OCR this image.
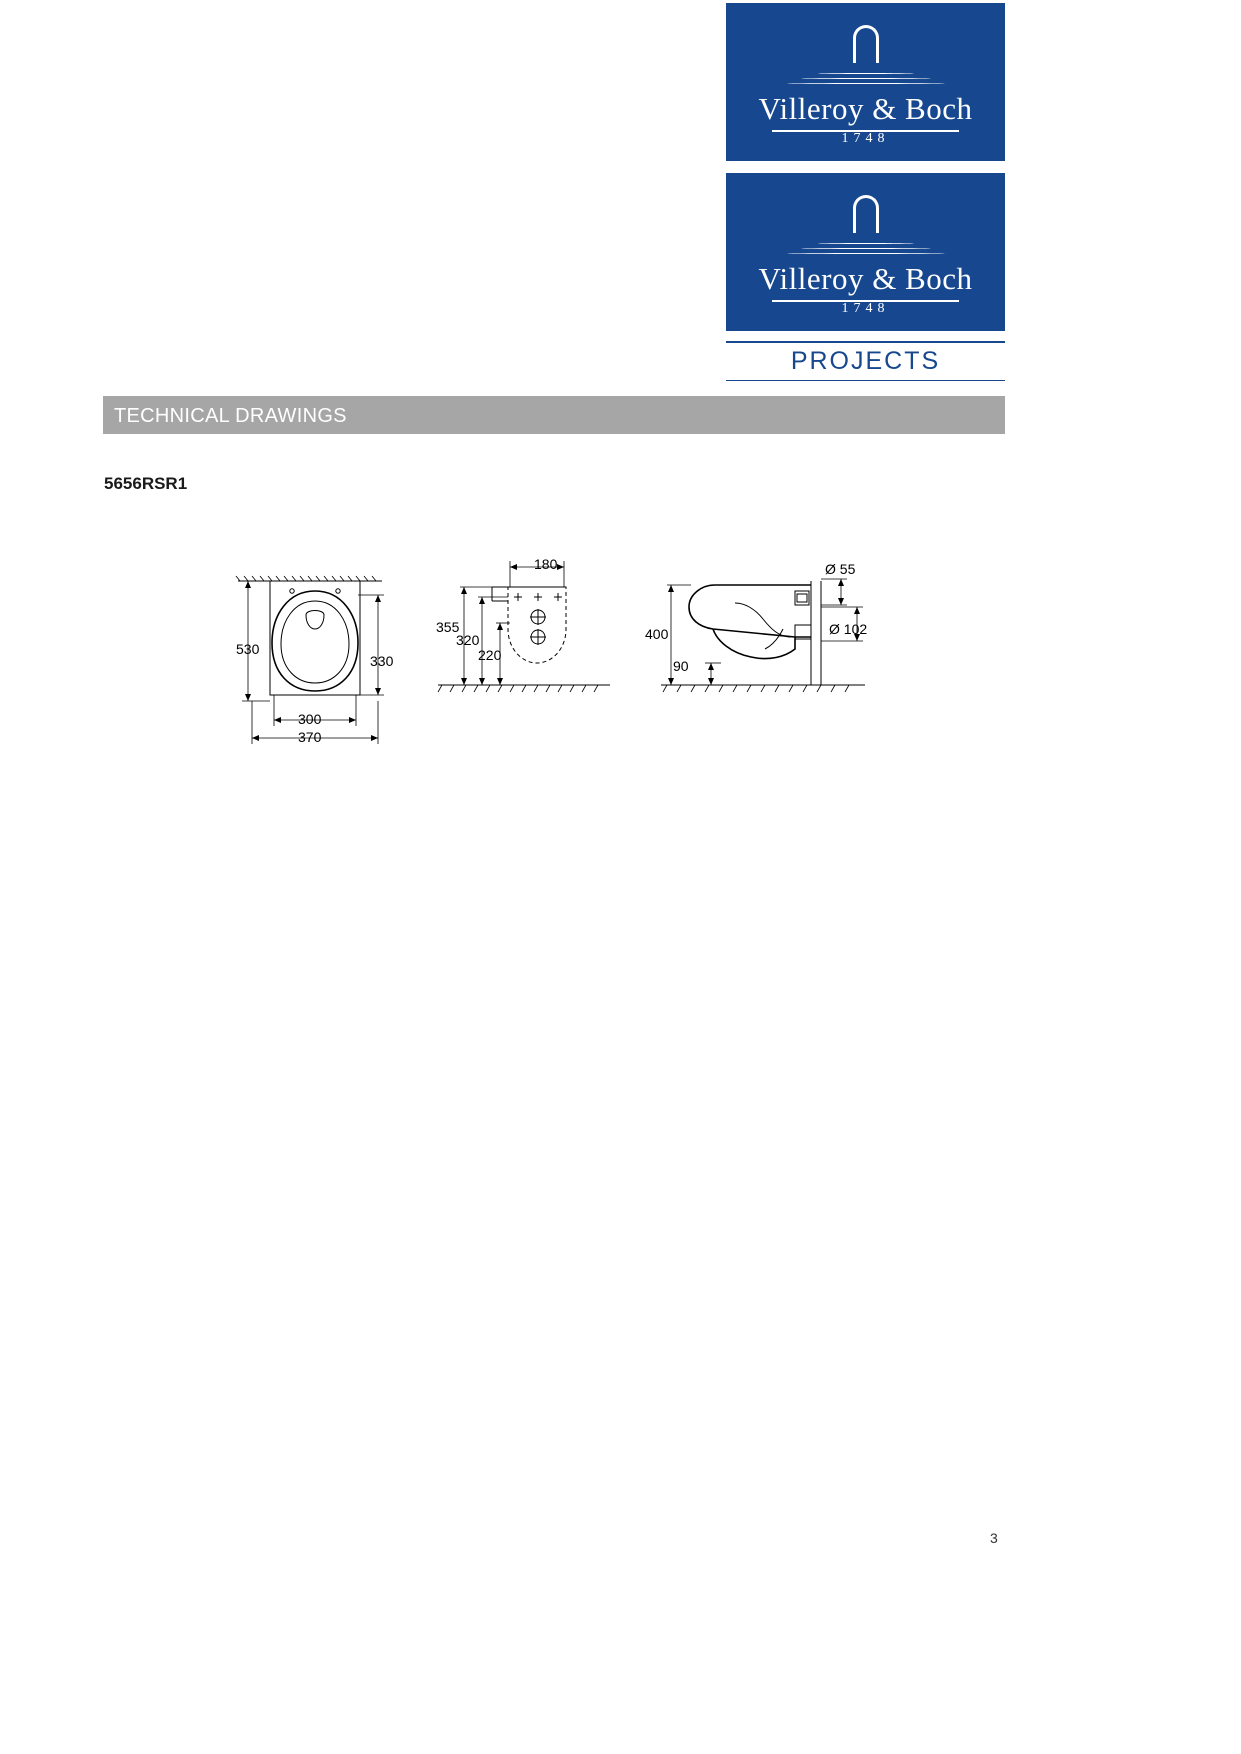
Villeroy & Boch
1748
Villeroy & Boch
1748
PROJECTS
TECHNICAL DRAWINGS
5656RSR1
530
330
300
370
180
355
320
220
400
90
Ø 55
Ø 102
3
